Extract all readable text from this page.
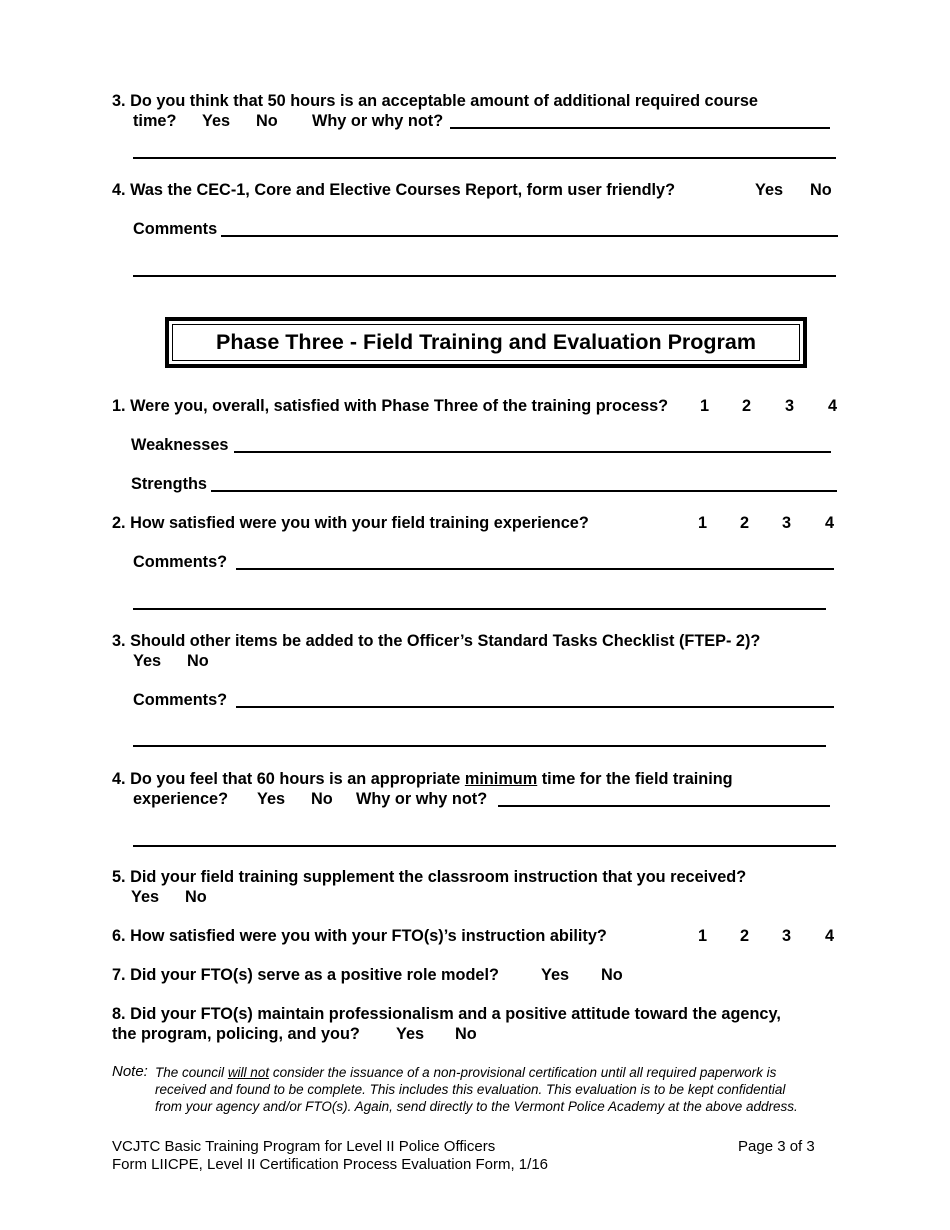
3. Do you think that 50 hours is an acceptable amount of additional required course
time? Yes No Why or why not?
4. Was the CEC-1, Core and Elective Courses Report, form user friendly?	Yes No
Comments
Phase Three - Field Training and Evaluation Program
1. Were you, overall, satisfied with Phase Three of the training process? 1 2 3 4
Weaknesses
Strengths
2. How satisfied were you with your field training experience?	1 2 3 4
Comments?
3. Should other items be added to the Officer’s Standard Tasks Checklist (FTEP- 2)?
Yes No
Comments?
4. Do you feel that 60 hours is an appropriate minimum time for the field training
experience? Yes No Why or why not?
5. Did your field training supplement the classroom instruction that you received?
Yes No
6. How satisfied were you with your FTO(s)’s instruction ability?	1 2 3 4
7. Did your FTO(s) serve as a positive role model?	Yes No
8. Did your FTO(s) maintain professionalism and a positive attitude toward the agency,
the program, policing, and you? Yes No
Note: The council will not consider the issuance of a non-provisional certification until all required paperwork is
received and found to be complete. This includes this evaluation. This evaluation is to be kept confidential
from your agency and/or FTO(s). Again, send directly to the Vermont Police Academy at the above address.
VCJTC Basic Training Program for Level II Police Officers	Page 3 of 3
Form LIICPE, Level II Certification Process Evaluation Form, 1/16
